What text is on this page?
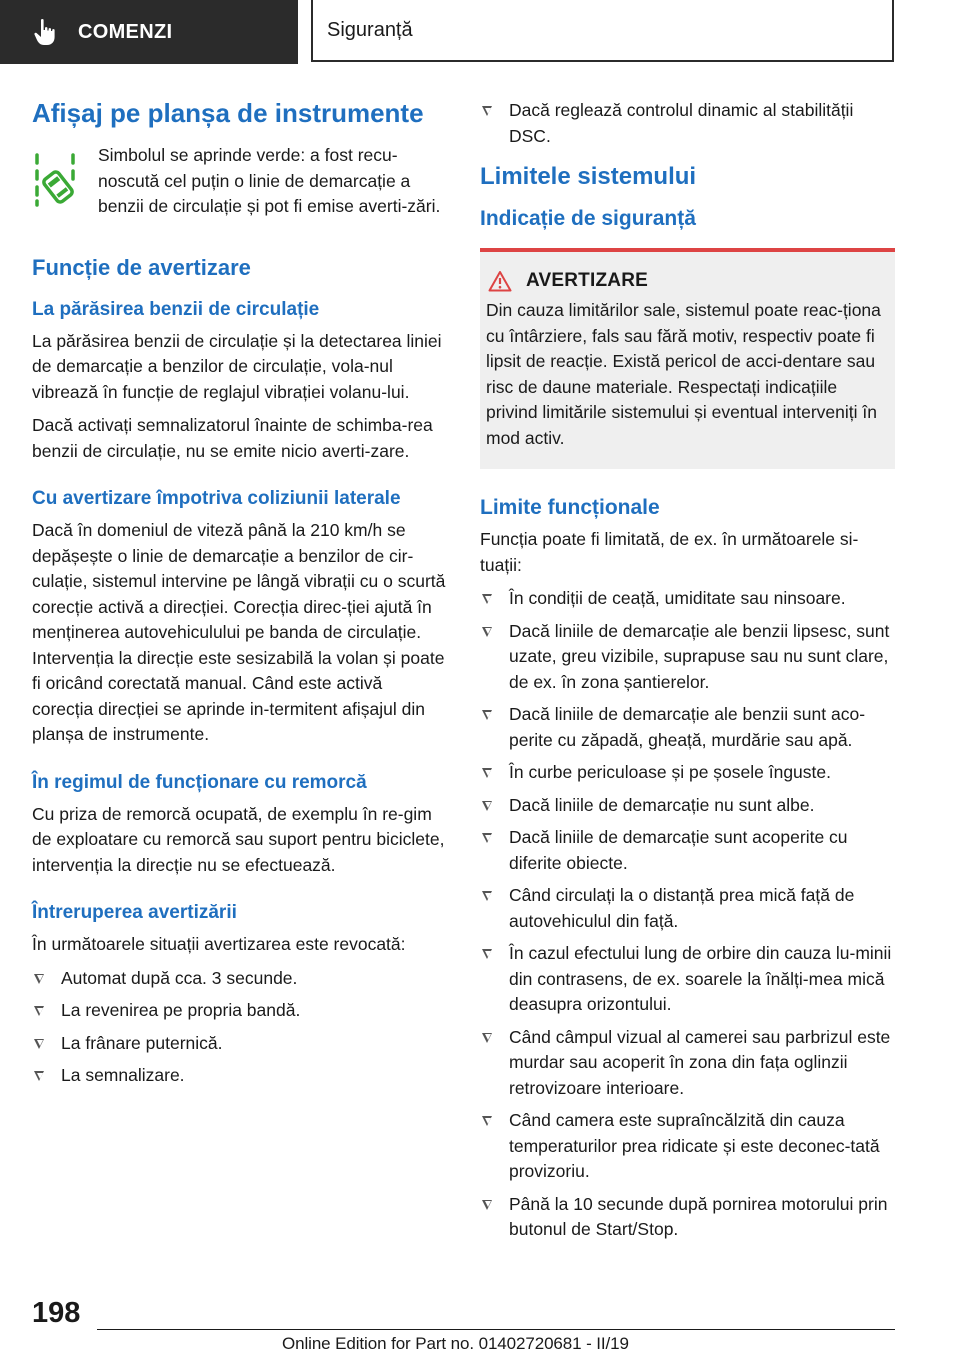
COMENZI	Siguranță
Afișaj pe planșa de instrumente

Simbolul se aprinde verde: a fost recu‐noscută cel puțin o linie de demarcație a benzii de circulație și pot fi emise averti‐zări.

Funcție de avertizare
La părăsirea benzii de circulație

La părăsirea benzii de circulație și la detectarea liniei de demarcație a benzilor de circulație, vola‐nul vibrează în funcție de reglajul vibrației volanu‐lui.

Dacă activați semnalizatorul înainte de schimba‐rea benzii de circulație, nu se emite nicio averti‐zare.

Cu avertizare împotriva coliziunii laterale

Dacă în domeniul de viteză până la 210 km/h se depășește o linie de demarcație a benzilor de cir‐culație, sistemul intervine pe lângă vibrații cu o scurtă corecție activă a direcției. Corecția direc‐ției ajută în menținerea autovehiculului pe banda de circulație. Intervenția la direcție este sesizabilă la volan și poate fi oricând corectată manual. Când este activă corecția direcției se aprinde in‐termitent afișajul din planșa de instrumente.

În regimul de funcționare cu remorcă

Cu priza de remorcă ocupată, de exemplu în re‐gim de exploatare cu remorcă sau suport pentru biciclete, intervenția la direcție nu se efectuează.

Întreruperea avertizării

În următoarele situații avertizarea este revocată:

Automat după cca. 3 secunde.
La revenirea pe propria bandă.
La frânare puternică.
La semnalizare.
Dacă reglează controlul dinamic al stabilității DSC.
Limitele sistemului
Indicație de siguranță
AVERTIZARE

Din cauza limitărilor sale, sistemul poate reac‐ționa cu întârziere, fals sau fără motiv, respectiv poate fi lipsit de reacție. Există pericol de acci‐dentare sau risc de daune materiale. Respectați indicațiile privind limitările sistemului și eventual interveniți în mod activ.

Limite funcționale

Funcția poate fi limitată, de ex. în următoarele si‐tuații:

În condiții de ceață, umiditate sau ninsoare.
Dacă liniile de demarcație ale benzii lipsesc, sunt uzate, greu vizibile, suprapuse sau nu sunt clare, de ex. în zona șantierelor.
Dacă liniile de demarcație ale benzii sunt aco‐perite cu zăpadă, gheață, murdărie sau apă.
În curbe periculoase și pe șosele înguste.
Dacă liniile de demarcație nu sunt albe.
Dacă liniile de demarcație sunt acoperite cu diferite obiecte.
Când circulați la o distanță prea mică față de autovehiculul din față.
În cazul efectului lung de orbire din cauza lu‐minii din contrasens, de ex. soarele la înălți‐mea mică deasupra orizontului.
Când câmpul vizual al camerei sau parbrizul este murdar sau acoperit în zona din fața oglinzii retrovizoare interioare.
Când camera este supraîncălzită din cauza temperaturilor prea ridicate și este deconec‐tată provizoriu.
Până la 10 secunde după pornirea motorului prin butonul de Start/Stop.
198
Online Edition for Part no. 01402720681 - II/19
